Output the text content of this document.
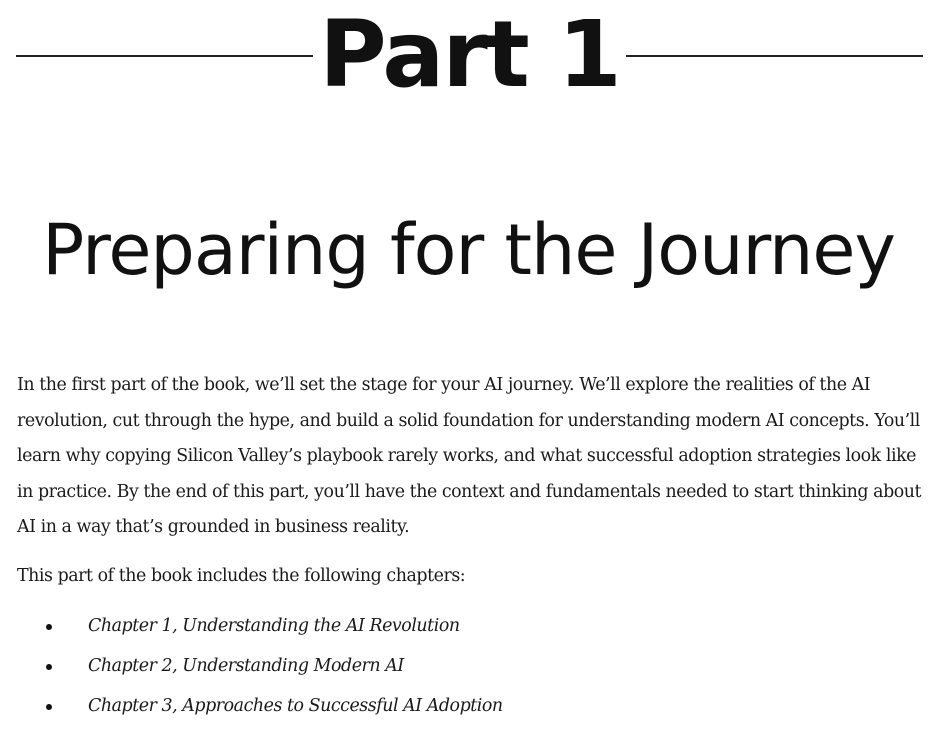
Part 1
Preparing for the Journey

In the first part of the book, we’ll set the stage for your AI journey. We’ll explore the realities of the AI revolution, cut through the hype, and build a solid foundation for understanding modern AI concepts. You’ll learn why copying Silicon Valley’s playbook rarely works, and what successful adoption strategies look like in practice. By the end of this part, you’ll have the context and fundamentals needed to start thinking about AI in a way that’s grounded in business reality.

This part of the book includes the following chapters:

Chapter 1, Understanding the AI Revolution
Chapter 2, Understanding Modern AI
Chapter 3, Approaches to Successful AI Adoption
